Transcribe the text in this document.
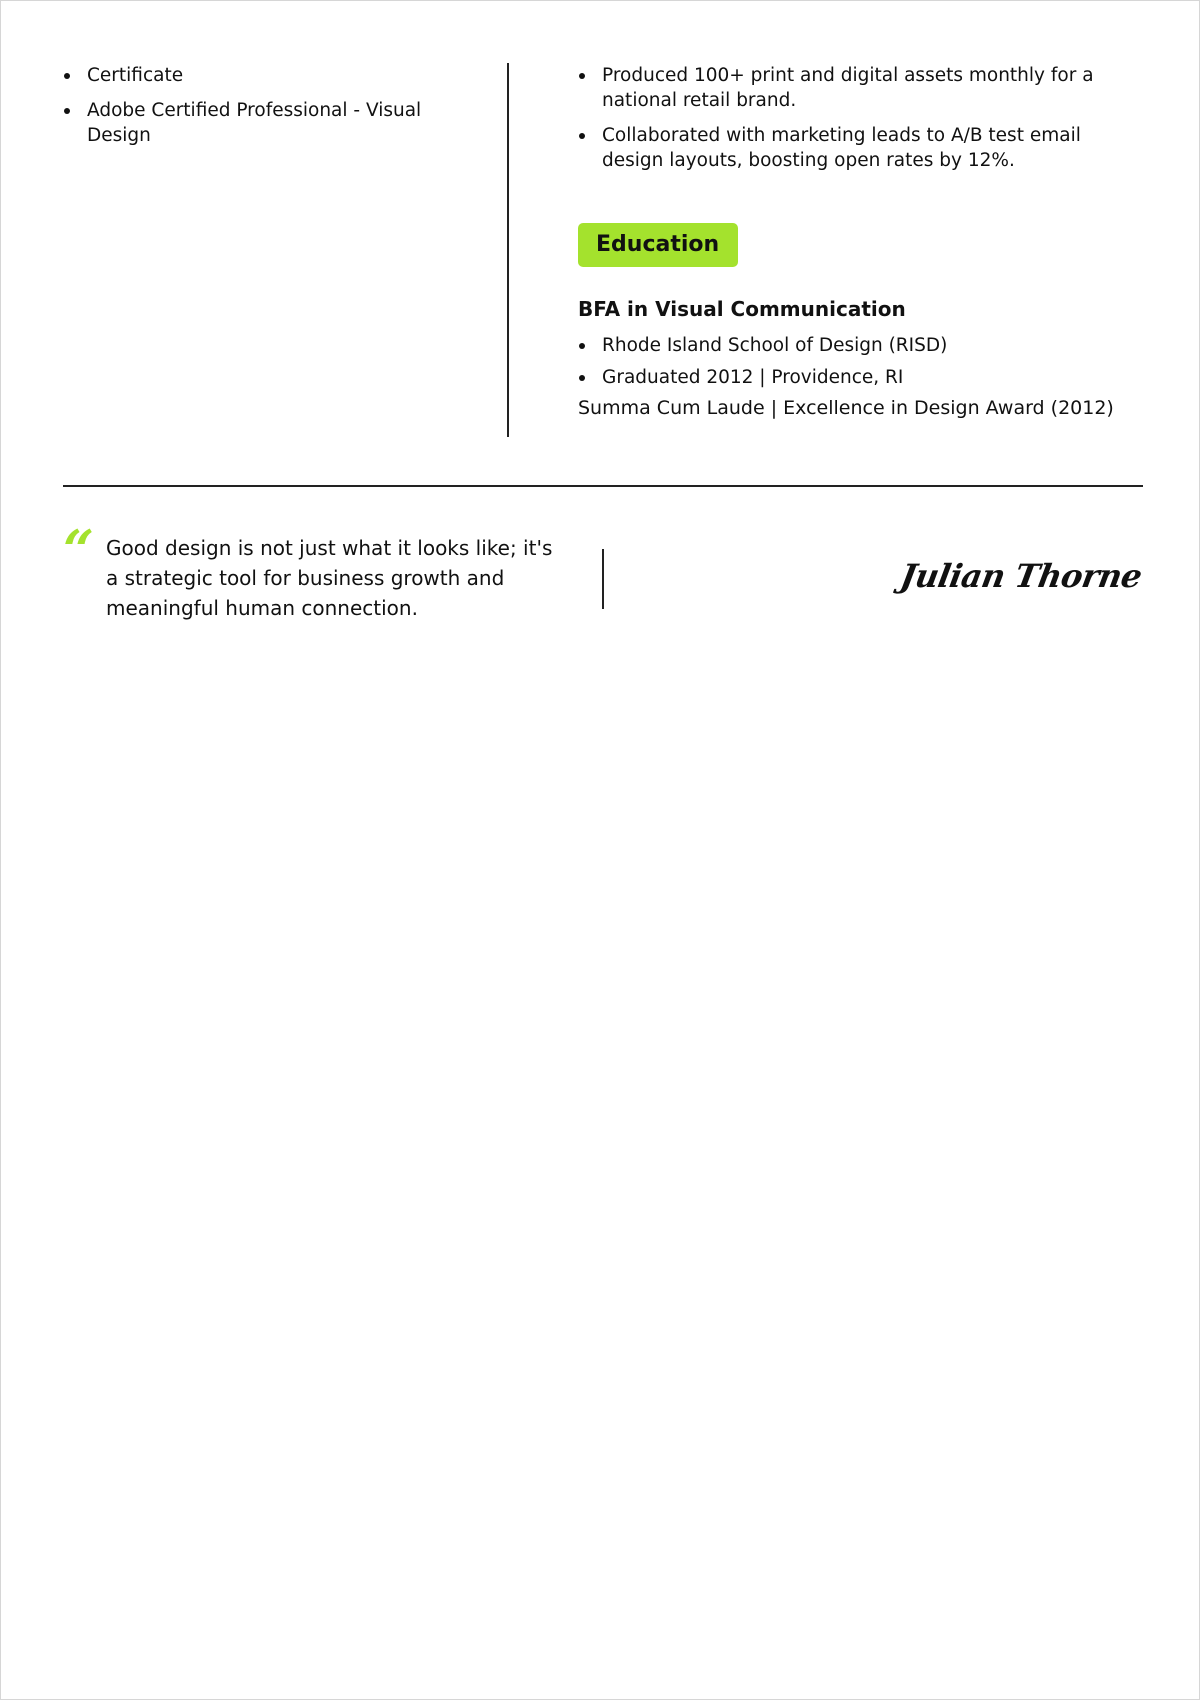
Certificate
Adobe Certified Professional - Visual Design
Produced 100+ print and digital assets monthly for a national retail brand.
Collaborated with marketing leads to A/B test email design layouts, boosting open rates by 12%.
Education
BFA in Visual Communication
Rhode Island School of Design (RISD)
Graduated 2012 | Providence, RI
Summa Cum Laude | Excellence in Design Award (2012)
“ Good design is not just what it looks like; it's a strategic tool for business growth and meaningful human connection.
Julian Thorne
